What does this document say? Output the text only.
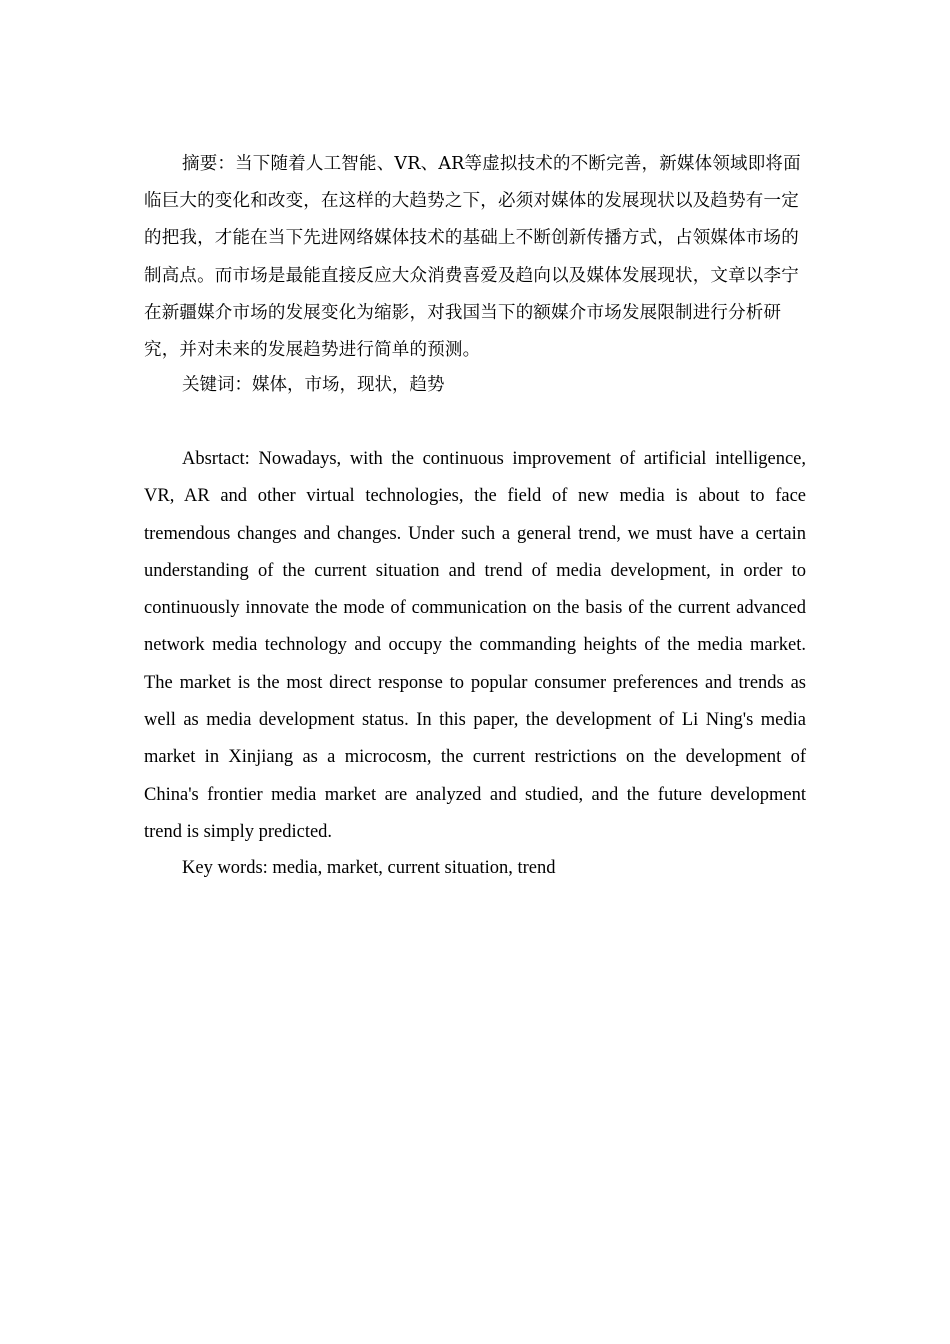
摘要：当下随着人工智能、VR、AR等虚拟技术的不断完善，新媒体领域即将面临巨大的变化和改变，在这样的大趋势之下，必须对媒体的发展现状以及趋势有一定的把我，才能在当下先进网络媒体技术的基础上不断创新传播方式，占领媒体市场的制高点。而市场是最能直接反应大众消费喜爱及趋向以及媒体发展现状，文章以李宁在新疆媒介市场的发展变化为缩影，对我国当下的额媒介市场发展限制进行分析研究，并对未来的发展趋势进行简单的预测。

关键词：媒体，市场，现状，趋势

Absrtact: Nowadays, with the continuous improvement of artificial intelligence, VR, AR and other virtual technologies, the field of new media is about to face tremendous changes and changes. Under such a general trend, we must have a certain understanding of the current situation and trend of media development, in order to continuously innovate the mode of communication on the basis of the current advanced network media technology and occupy the commanding heights of the media market. The market is the most direct response to popular consumer preferences and trends as well as media development status. In this paper, the development of Li Ning's media market in Xinjiang as a microcosm, the current restrictions on the development of China's frontier media market are analyzed and studied, and the future development trend is simply predicted.

Key words: media, market, current situation, trend
